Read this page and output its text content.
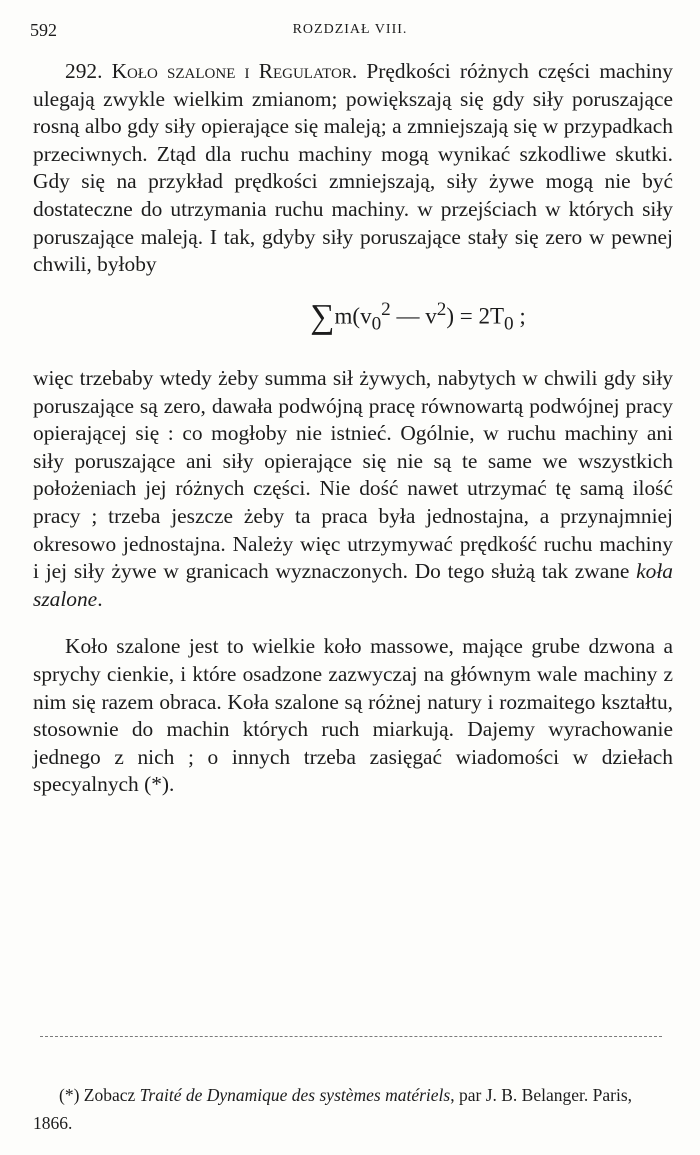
592	ROZDZIAŁ VIII.

292. Koło szalone i Regulator. Prędkości różnych części machiny ulegają zwykle wielkim zmianom; powiększają się gdy siły poruszające rosną albo gdy siły opierające się maleją; a zmniejszają się w przypadkach przeciwnych. Ztąd dla ruchu machiny mogą wynikać szkodliwe skutki. Gdy się na przykład prędkości zmniejszają, siły żywe mogą nie być dostateczne do utrzymania ruchu machiny. w przejściach w których siły poruszające maleją. I tak, gdyby siły poruszające stały się zero w pewnej chwili, byłoby

$\sum m(v_0^2$ — $v^2) = 2T_0$ ;

więc trzebaby wtedy żeby summa sił żywych, nabytych w chwili gdy siły poruszające są zero, dawała podwójną pracę równowartą podwójnej pracy opierającej się : co mogłoby nie istnieć. Ogólnie, w ruchu machiny ani siły poruszające ani siły opierające się nie są te same we wszystkich położeniach jej różnych części. Nie dość nawet utrzymać tę samą ilość pracy ; trzeba jeszcze żeby ta praca była jednostajna, a przynajmniej okresowo jednostajna. Należy więc utrzymywać prędkość ruchu machiny i jej siły żywe w granicach wyznaczonych. Do tego służą tak zwane koła szalone.

Koło szalone jest to wielkie koło massowe, mające grube dzwona a sprychy cienkie, i które osadzone zazwyczaj na głównym wale machiny z nim się razem obraca. Koła szalone są różnej natury i rozmaitego kształtu, stosownie do machin których ruch miarkują. Dajemy wyrachowanie jednego z nich ; o innych trzeba zasięgać wiadomości w dziełach specyalnych (*).

(*) Zobacz Traité de Dynamique des systèmes matériels, par J. B. Belanger. Paris, 1866.
